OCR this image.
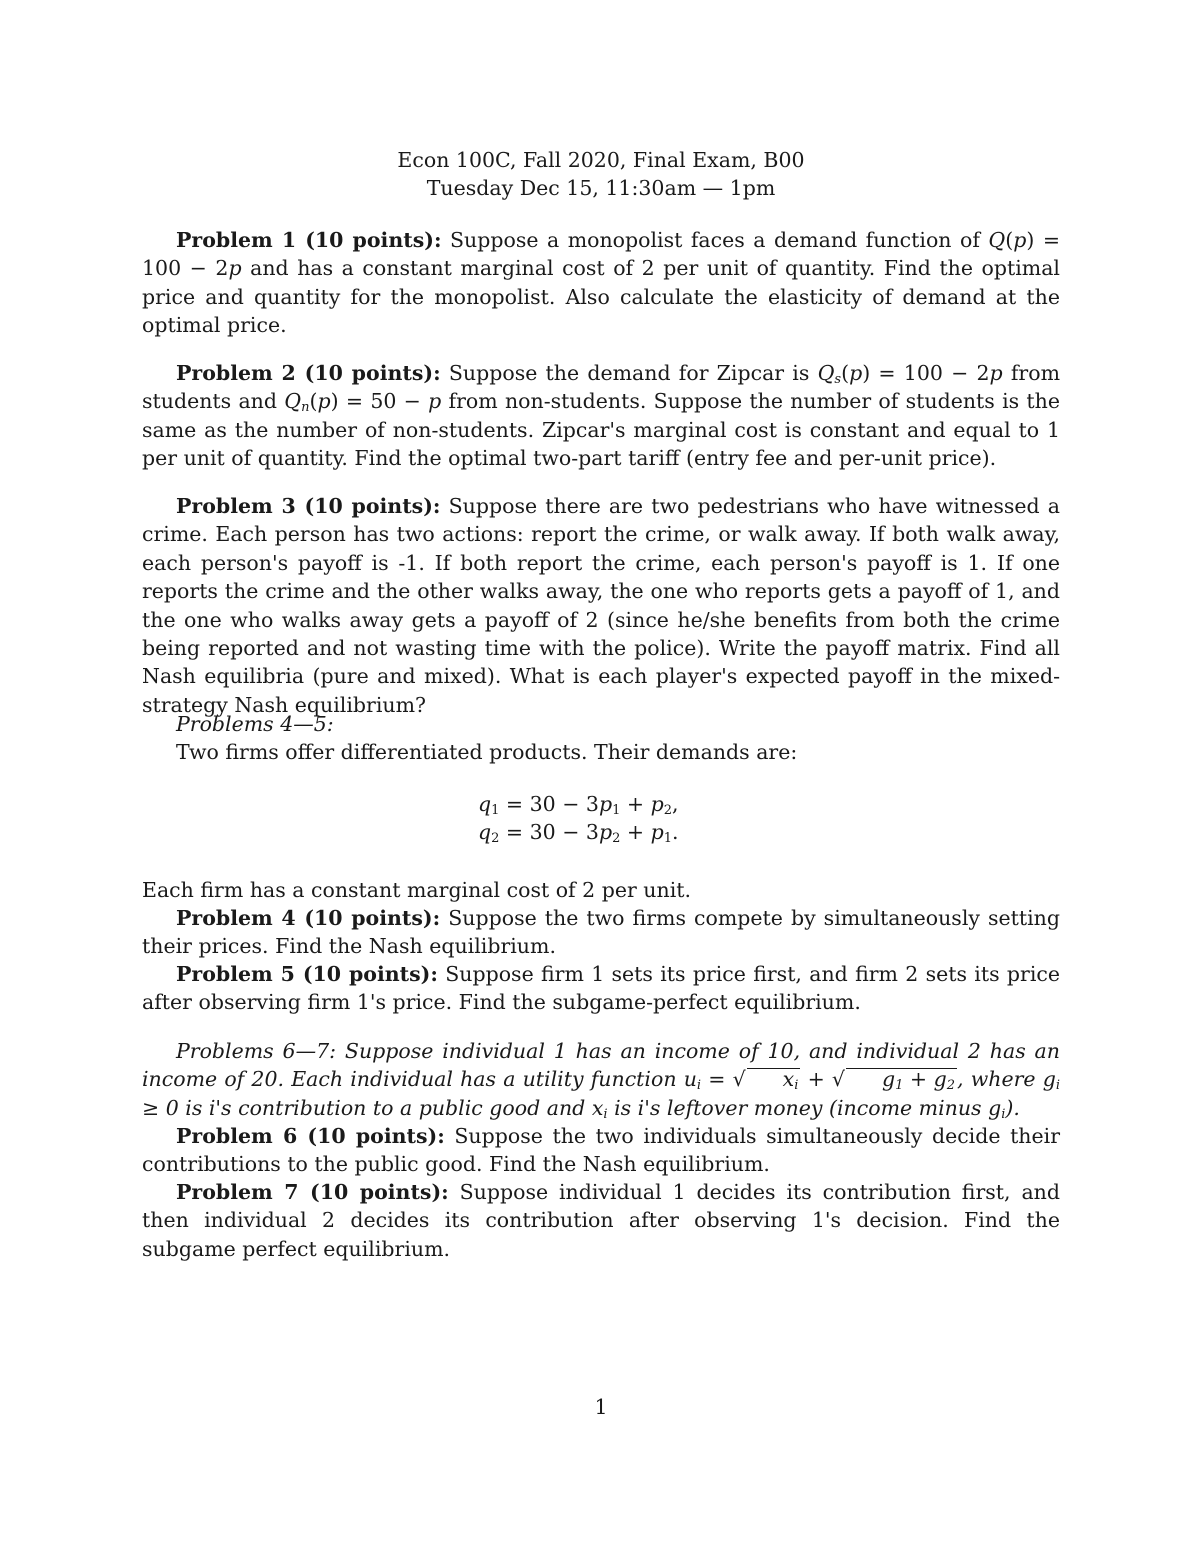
Econ 100C, Fall 2020, Final Exam, B00
Tuesday Dec 15, 11:30am — 1pm
Problem 1 (10 points): Suppose a monopolist faces a demand function of Q(p) = 100 − 2p and has a constant marginal cost of 2 per unit of quantity. Find the optimal price and quantity for the monopolist. Also calculate the elasticity of demand at the optimal price.
Problem 2 (10 points): Suppose the demand for Zipcar is $Q_s(p) = 100 - 2p$ from students and $Q_n(p) = 50 - p$ from non-students. Suppose the number of students is the same as the number of non-students. Zipcar's marginal cost is constant and equal to 1 per unit of quantity. Find the optimal two-part tariff (entry fee and per-unit price).
Problem 3 (10 points): Suppose there are two pedestrians who have witnessed a crime. Each person has two actions: report the crime, or walk away. If both walk away, each person's payoff is -1. If both report the crime, each person's payoff is 1. If one reports the crime and the other walks away, the one who reports gets a payoff of 1, and the one who walks away gets a payoff of 2 (since he/she benefits from both the crime being reported and not wasting time with the police). Write the payoff matrix. Find all Nash equilibria (pure and mixed). What is each player's expected payoff in the mixed-strategy Nash equilibrium?
Problems 4—5:
Two firms offer differentiated products. Their demands are:
$q_1 = 30 - 3p_1 + p_2$,
$q_2 = 30 - 3p_2 + p_1$.
Each firm has a constant marginal cost of 2 per unit.
Problem 4 (10 points): Suppose the two firms compete by simultaneously setting their prices. Find the Nash equilibrium.
Problem 5 (10 points): Suppose firm 1 sets its price first, and firm 2 sets its price after observing firm 1's price. Find the subgame-perfect equilibrium.
Problems 6—7: Suppose individual 1 has an income of 10, and individual 2 has an income of 20. Each individual has a utility function $u_i$ = √ $x_i$ + √ $g_1 + g_2$, where $g_i \ge 0$ is i's contribution to a public good and $x_i$ is i's leftover money (income minus $g_i$).
Problem 6 (10 points): Suppose the two individuals simultaneously decide their contributions to the public good. Find the Nash equilibrium.
Problem 7 (10 points): Suppose individual 1 decides its contribution first, and then individual 2 decides its contribution after observing 1's decision. Find the subgame perfect equilibrium.
1
